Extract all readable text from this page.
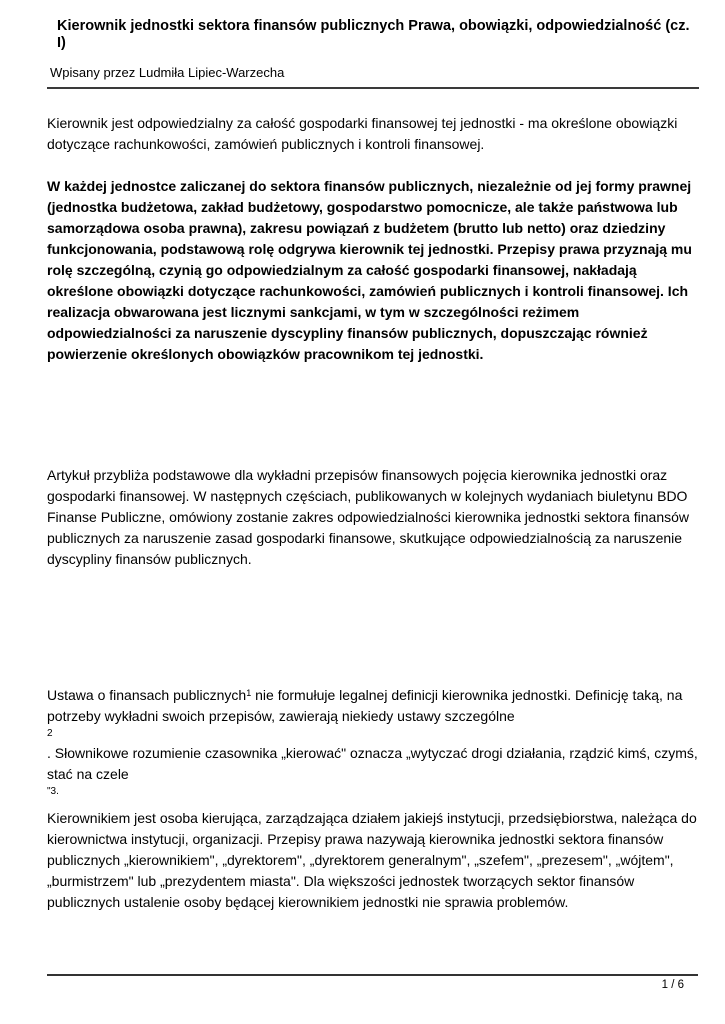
Kierownik jednostki sektora finansów publicznych Prawa, obowiązki, odpowiedzialność (cz. I)
Wpisany przez Ludmiła Lipiec-Warzecha

Kierownik jest odpowiedzialny za całość gospodarki finansowej tej jednostki - ma określone obowiązki dotyczące rachunkowości, zamówień publicznych i kontroli finansowej.

W każdej jednostce zaliczanej do sektora finansów publicznych, niezależnie od jej formy prawnej (jednostka budżetowa, zakład budżetowy, gospodarstwo pomocnicze, ale także państwowa lub samorządowa osoba prawna), zakresu powiązań z budżetem (brutto lub netto) oraz dziedziny funkcjonowania, podstawową rolę odgrywa kierownik tej jednostki. Przepisy prawa przyznają mu rolę szczególną, czynią go odpowiedzialnym za całość gospodarki finansowej, nakładają określone obowiązki dotyczące rachunkowości, zamówień publicznych i kontroli finansowej. Ich realizacja obwarowana jest licznymi sankcjami, w tym w szczególności reżimem odpowiedzialności za naruszenie dyscypliny finansów publicznych, dopuszczając również powierzenie określonych obowiązków pracownikom tej jednostki.

Artykuł przybliża podstawowe dla wykładni przepisów finansowych pojęcia kierownika jednostki oraz gospodarki finansowej. W następnych częściach, publikowanych w kolejnych wydaniach biuletynu BDO Finanse Publiczne, omówiony zostanie zakres odpowiedzialności kierownika jednostki sektora finansów publicznych za naruszenie zasad gospodarki finansowe, skutkujące odpowiedzialnością za naruszenie dyscypliny finansów publicznych.

Ustawa o finansach publicznych$^1$ nie formułuje legalnej definicji kierownika jednostki. Definicję taką, na potrzeby wykładni swoich przepisów, zawierają niekiedy ustawy szczególne

2

. Słownikowe rozumienie czasownika „kierować" oznacza „wytyczać drogi działania, rządzić kimś, czymś, stać na czele

"3.

Kierownikiem jest osoba kierująca, zarządzająca działem jakiejś instytucji, przedsiębiorstwa, należąca do kierownictwa instytucji, organizacji. Przepisy prawa nazywają kierownika jednostki sektora finansów publicznych „kierownikiem", „dyrektorem", „dyrektorem generalnym", „szefem", „prezesem", „wójtem", „burmistrzem" lub „prezydentem miasta". Dla większości jednostek tworzących sektor finansów publicznych ustalenie osoby będącej kierownikiem jednostki nie sprawia problemów.

1 / 6
